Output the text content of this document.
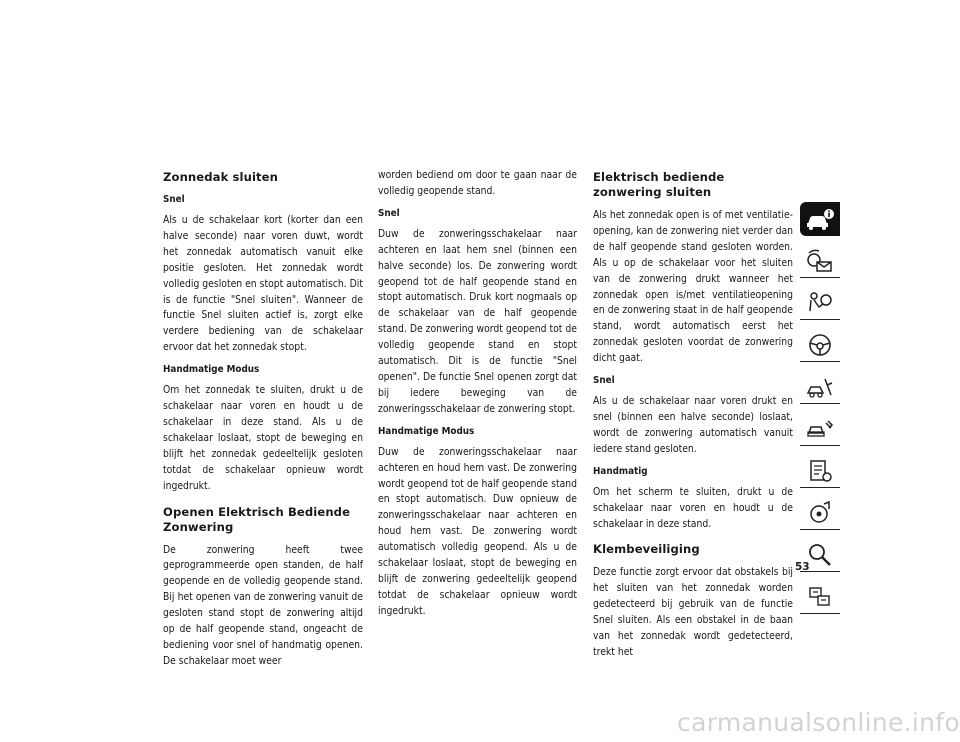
Zonnedak sluiten
Snel

Als u de schakelaar kort (korter dan een halve seconde) naar voren duwt, wordt het zonnedak automatisch vanuit elke positie gesloten. Het zonnedak wordt volledig gesloten en stopt automatisch. Dit is de functie "Snel sluiten". Wanneer de functie Snel sluiten actief is, zorgt elke verdere bediening van de schakelaar ervoor dat het zonnedak stopt.

Handmatige Modus

Om het zonnedak te sluiten, drukt u de schakelaar naar voren en houdt u de schakelaar in deze stand. Als u de schakelaar loslaat, stopt de beweging en blijft het zonnedak gedeeltelijk gesloten totdat de schakelaar opnieuw wordt ingedrukt.

Openen Elektrisch Bediende Zonwering

De zonwering heeft twee geprogrammeerde open standen, de half geopende en de volledig geopende stand. Bij het openen van de zonwering vanuit de gesloten stand stopt de zonwering altijd op de half geopende stand, ongeacht de bediening voor snel of handmatig openen. De schakelaar moet weer

worden bediend om door te gaan naar de volledig geopende stand.

Snel

Duw de zonweringsschakelaar naar achteren en laat hem snel (binnen een halve seconde) los. De zonwering wordt geopend tot de half geopende stand en stopt automatisch. Druk kort nogmaals op de schakelaar van de half geopende stand. De zonwering wordt geopend tot de volledig geopende stand en stopt automatisch. Dit is de functie "Snel openen". De functie Snel openen zorgt dat bij iedere beweging van de zonweringsschakelaar de zonwering stopt.

Handmatige Modus

Duw de zonweringsschakelaar naar achteren en houd hem vast. De zonwering wordt geopend tot de half geopende stand en stopt automatisch. Duw opnieuw de zonweringsschakelaar naar achteren en houd hem vast. De zonwering wordt automatisch volledig geopend. Als u de schakelaar loslaat, stopt de beweging en blijft de zonwering gedeeltelijk geopend totdat de schakelaar opnieuw wordt ingedrukt.

Elektrisch bediende zonwering sluiten

Als het zonnedak open is of met ventilatieopening, kan de zonwering niet verder dan de half geopende stand gesloten worden. Als u op de schakelaar voor het sluiten van de zonwering drukt wanneer het zonnedak open is/met ventilatieopening en de zonwering staat in de half geopende stand, wordt automatisch eerst het zonnedak gesloten voordat de zonwering dicht gaat.

Snel

Als u de schakelaar naar voren drukt en snel (binnen een halve seconde) loslaat, wordt de zonwering automatisch vanuit iedere stand gesloten.

Handmatig

Om het scherm te sluiten, drukt u de schakelaar naar voren en houdt u de schakelaar in deze stand.

Klembeveiliging

Deze functie zorgt ervoor dat obstakels bij het sluiten van het zonnedak worden gedetecteerd bij gebruik van de functie Snel sluiten. Als een obstakel in de baan van het zonnedak wordt gedetecteerd, trekt het

53
carmanualsonline.info
